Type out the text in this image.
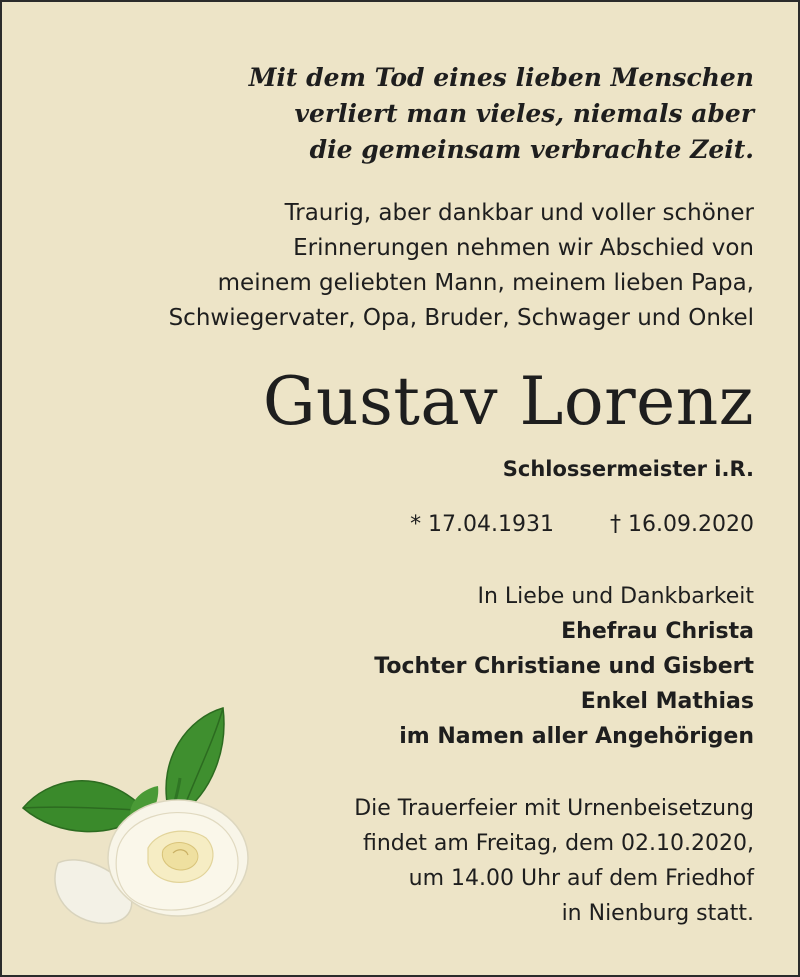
Mit dem Tod eines lieben Menschen
verliert man vieles, niemals aber
die gemeinsam verbrachte Zeit.
Traurig, aber dankbar und voller schöner
Erinnerungen nehmen wir Abschied von
meinem geliebten Mann, meinem lieben Papa,
Schwiegervater, Opa, Bruder, Schwager und Onkel
Gustav Lorenz
Schlossermeister i.R.
* 17.04.1931	† 16.09.2020
In Liebe und Dankbarkeit
Ehefrau Christa
Tochter Christiane und Gisbert
Enkel Mathias
im Namen aller Angehörigen
Die Trauerfeier mit Urnenbeisetzung
findet am Freitag, dem 02.10.2020,
um 14.00 Uhr auf dem Friedhof
in Nienburg statt.
